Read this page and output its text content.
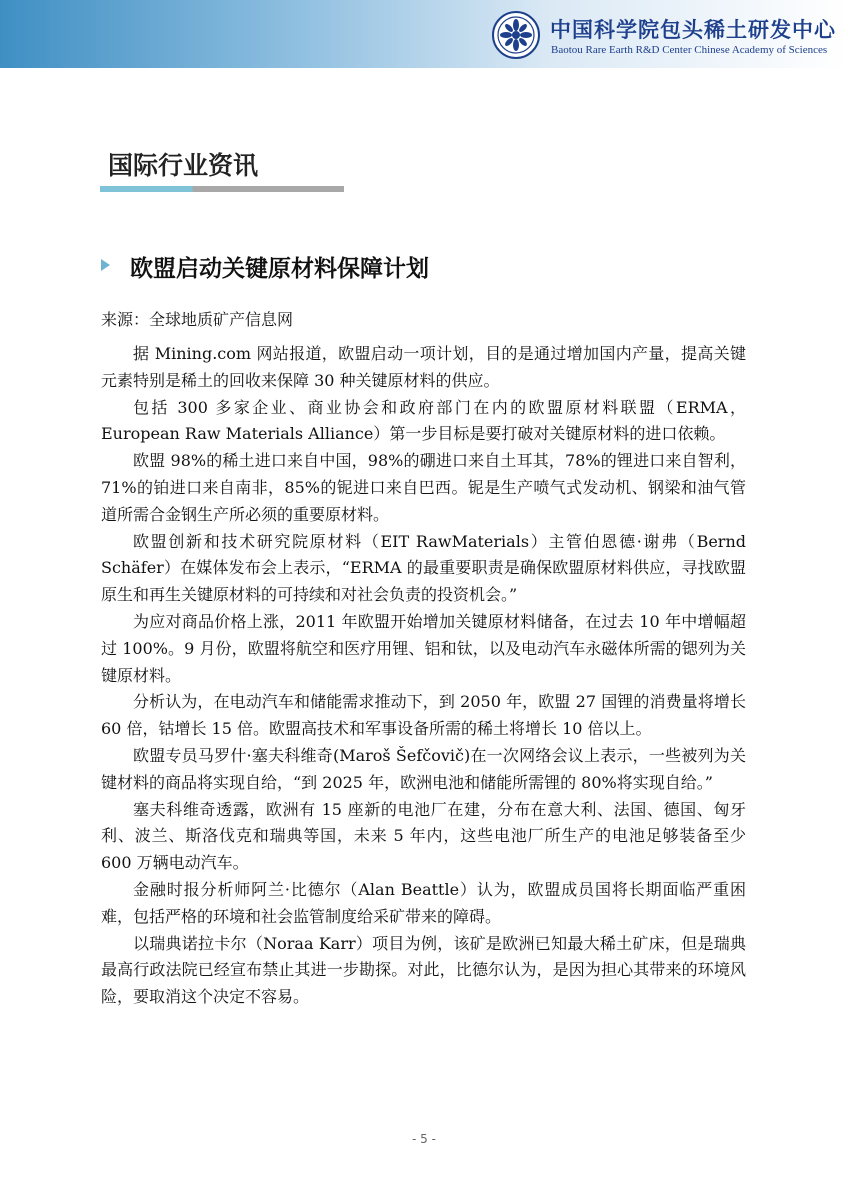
中国科学院包头稀土研发中心
Baotou Rare Earth R&D Center Chinese Academy of Sciences
国际行业资讯
欧盟启动关键原材料保障计划
来源：全球地质矿产信息网

据 Mining.com 网站报道，欧盟启动一项计划，目的是通过增加国内产量，提高关键元素特别是稀土的回收来保障 30 种关键原材料的供应。

包括 300 多家企业、商业协会和政府部门在内的欧盟原材料联盟（ERMA，European Raw Materials Alliance）第一步目标是要打破对关键原材料的进口依赖。

欧盟 98%的稀土进口来自中国，98%的硼进口来自土耳其，78%的锂进口来自智利，71%的铂进口来自南非，85%的铌进口来自巴西。铌是生产喷气式发动机、钢梁和油气管道所需合金钢生产所必须的重要原材料。

欧盟创新和技术研究院原材料（EIT RawMaterials）主管伯恩德·谢弗（Bernd Schäfer）在媒体发布会上表示，“ERMA 的最重要职责是确保欧盟原材料供应，寻找欧盟原生和再生关键原材料的可持续和对社会负责的投资机会。”

为应对商品价格上涨，2011 年欧盟开始增加关键原材料储备，在过去 10 年中增幅超过 100%。9 月份，欧盟将航空和医疗用锂、铝和钛，以及电动汽车永磁体所需的锶列为关键原材料。

分析认为，在电动汽车和储能需求推动下，到 2050 年，欧盟 27 国锂的消费量将增长 60 倍，钴增长 15 倍。欧盟高技术和军事设备所需的稀土将增长 10 倍以上。

欧盟专员马罗什·塞夫科维奇(Maroš Šefčovič)在一次网络会议上表示，一些被列为关键材料的商品将实现自给，“到 2025 年，欧洲电池和储能所需锂的 80%将实现自给。”

塞夫科维奇透露，欧洲有 15 座新的电池厂在建，分布在意大利、法国、德国、匈牙利、波兰、斯洛伐克和瑞典等国，未来 5 年内，这些电池厂所生产的电池足够装备至少 600 万辆电动汽车。

金融时报分析师阿兰·比德尔（Alan Beattle）认为，欧盟成员国将长期面临严重困难，包括严格的环境和社会监管制度给采矿带来的障碍。

以瑞典诺拉卡尔（Noraa Karr）项目为例，该矿是欧洲已知最大稀土矿床，但是瑞典最高行政法院已经宣布禁止其进一步勘探。对此，比德尔认为，是因为担心其带来的环境风险，要取消这个决定不容易。

- 5 -
